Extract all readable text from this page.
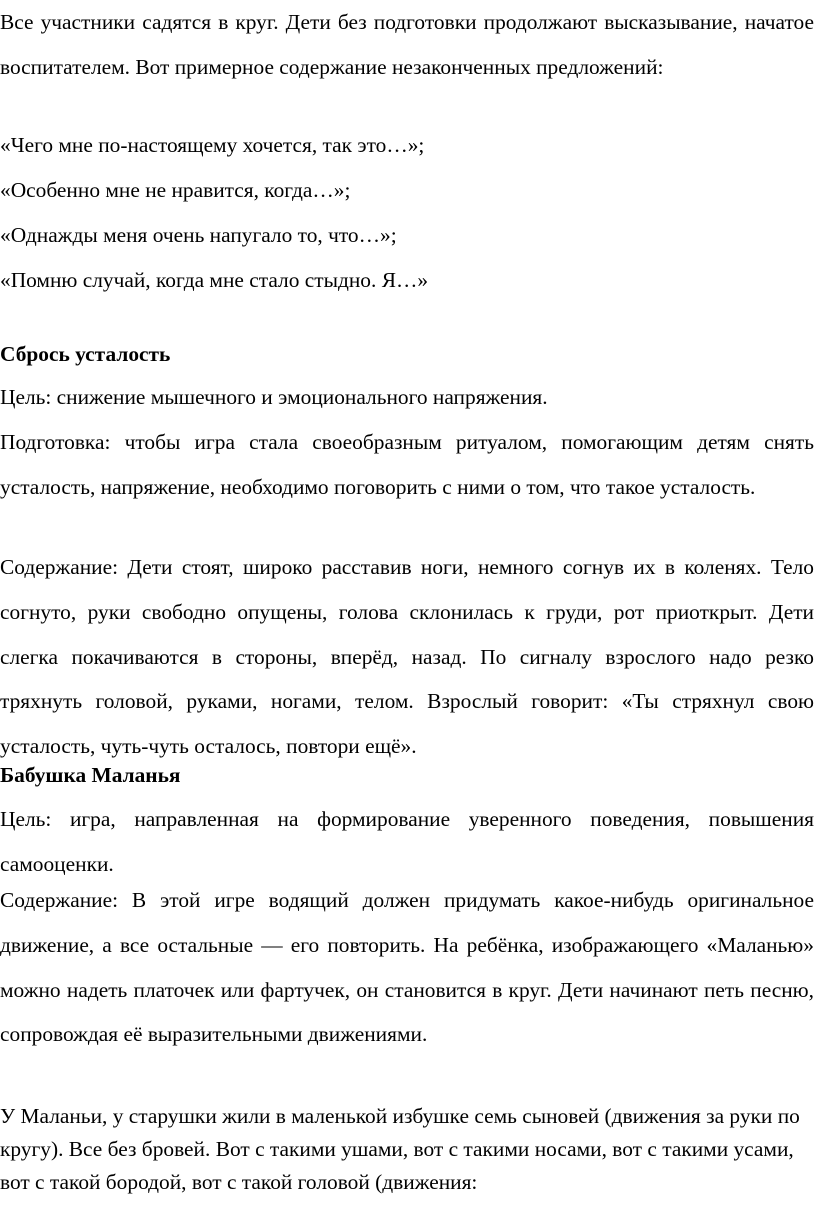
Все участники садятся в круг. Дети без подготовки продолжают высказывание, начатое воспитателем. Вот примерное содержание незаконченных предложений:

«Чего мне по-настоящему хочется, так это…»;

«Особенно мне не нравится, когда…»;

«Однажды меня очень напугало то, что…»;

«Помню случай, когда мне стало стыдно. Я…»

Сбрось усталость

Цель: снижение мышечного и эмоционального напряжения.

Подготовка: чтобы игра стала своеобразным ритуалом, помогающим детям снять усталость, напряжение, необходимо поговорить с ними о том, что такое усталость.

Содержание: Дети стоят, широко расставив ноги, немного согнув их в коленях. Тело согнуто, руки свободно опущены, голова склонилась к груди, рот приоткрыт. Дети слегка покачиваются в стороны, вперёд, назад. По сигналу взрослого надо резко тряхнуть головой, руками, ногами, телом. Взрослый говорит: «Ты стряхнул свою усталость, чуть-чуть осталось, повтори ещё».

Бабушка Маланья

Цель: игра, направленная на формирование уверенного поведения, повышения самооценки.

Содержание: В этой игре водящий должен придумать какое-нибудь оригинальное движение, а все остальные — его повторить. На ребёнка, изображающего «Маланью» можно надеть платочек или фартучек, он становится в круг. Дети начинают петь песню, сопровождая её выразительными движениями.

У Маланьи, у старушки жили в маленькой избушке семь сыновей (движения за руки по кругу). Все без бровей. Вот с такими ушами, вот с такими носами, вот с такими усами, вот с такой бородой, вот с такой головой (движения:
